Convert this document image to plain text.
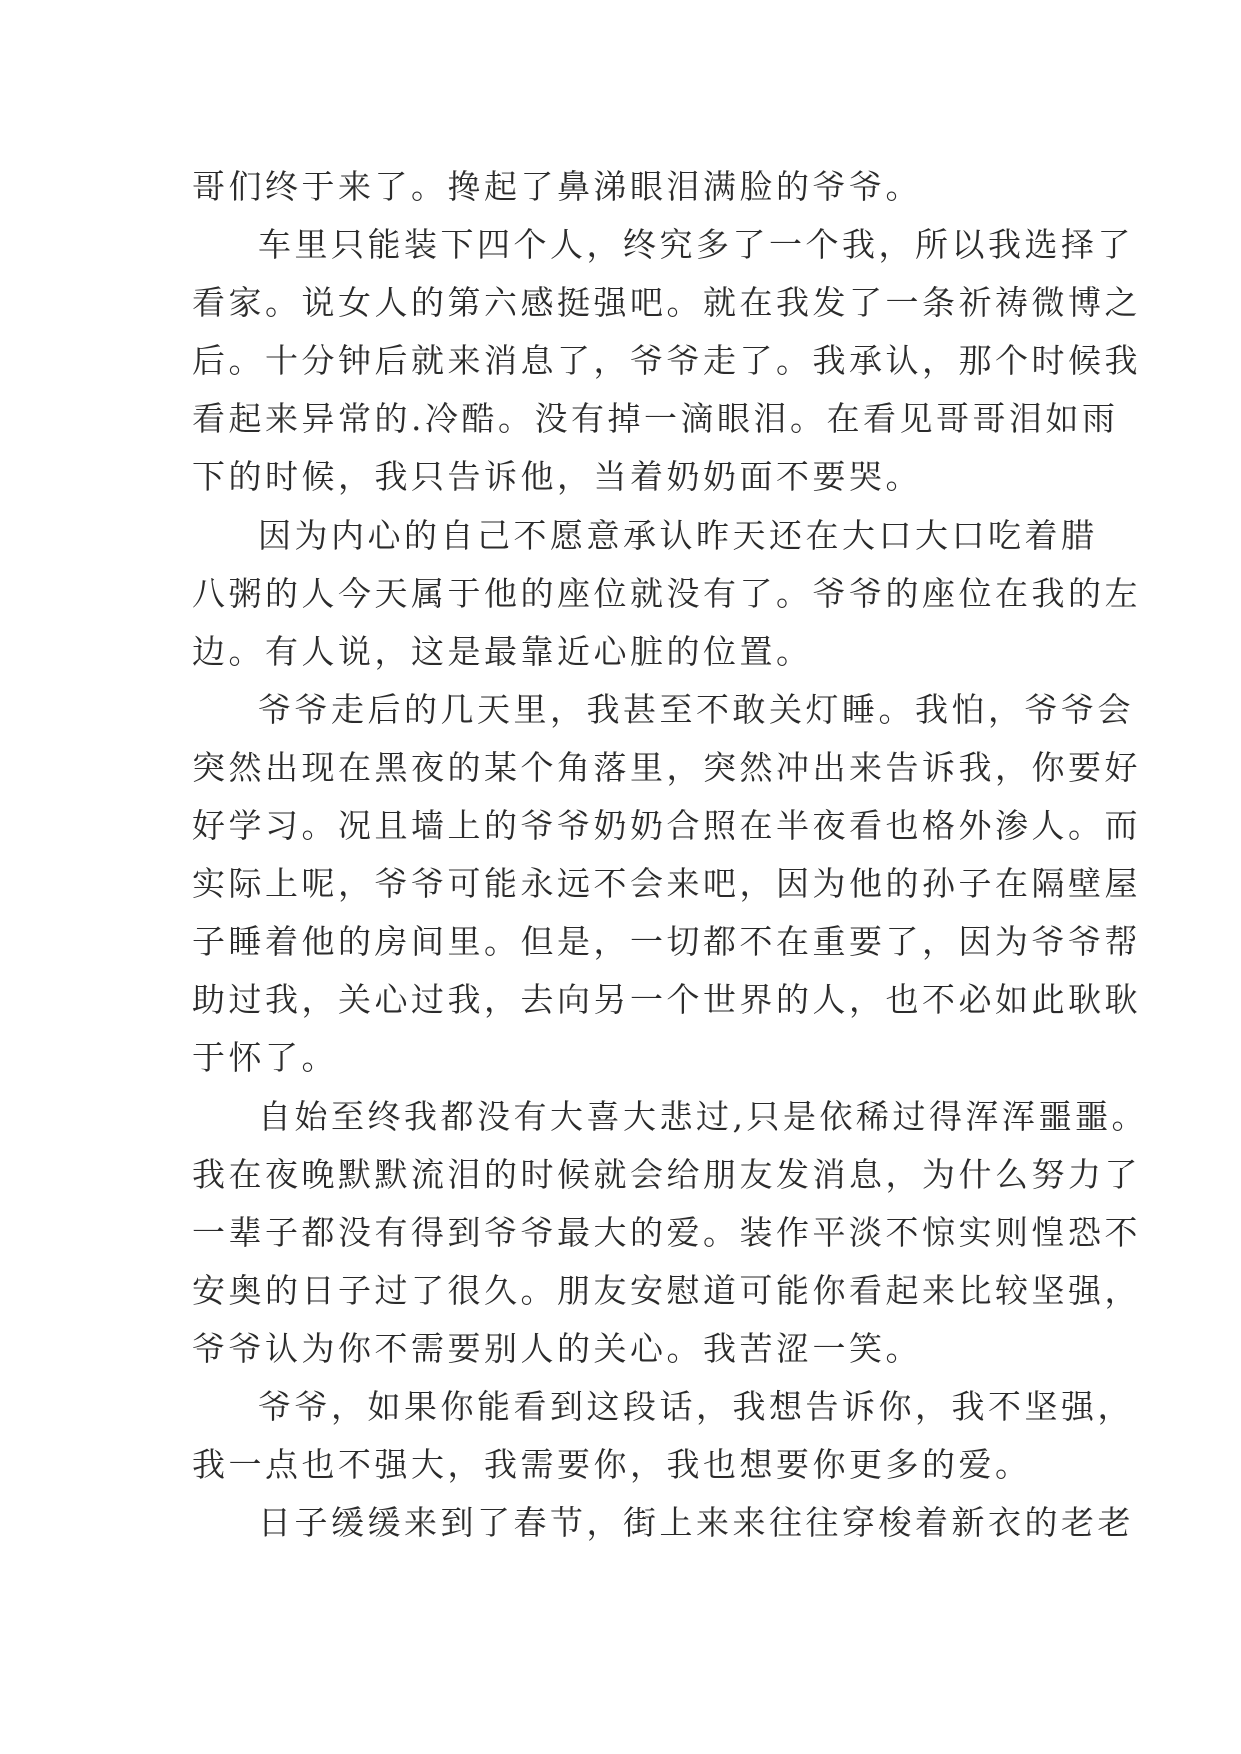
哥们终于来了。搀起了鼻涕眼泪满脸的爷爷。
车里只能装下四个人，终究多了一个我，所以我选择了
看家。说女人的第六感挺强吧。就在我发了一条祈祷微博之
后。十分钟后就来消息了，爷爷走了。我承认，那个时候我
看起来异常的.冷酷。没有掉一滴眼泪。在看见哥哥泪如雨
下的时候，我只告诉他，当着奶奶面不要哭。
因为内心的自己不愿意承认昨天还在大口大口吃着腊
八粥的人今天属于他的座位就没有了。爷爷的座位在我的左
边。有人说，这是最靠近心脏的位置。
爷爷走后的几天里，我甚至不敢关灯睡。我怕，爷爷会
突然出现在黑夜的某个角落里，突然冲出来告诉我，你要好
好学习。况且墙上的爷爷奶奶合照在半夜看也格外渗人。而
实际上呢，爷爷可能永远不会来吧，因为他的孙子在隔壁屋
子睡着他的房间里。但是，一切都不在重要了，因为爷爷帮
助过我，关心过我，去向另一个世界的人，也不必如此耿耿
于怀了。
自始至终我都没有大喜大悲过,只是依稀过得浑浑噩噩。
我在夜晚默默流泪的时候就会给朋友发消息，为什么努力了
一辈子都没有得到爷爷最大的爱。装作平淡不惊实则惶恐不
安奥的日子过了很久。朋友安慰道可能你看起来比较坚强，
爷爷认为你不需要别人的关心。我苦涩一笑。
爷爷，如果你能看到这段话，我想告诉你，我不坚强，
我一点也不强大，我需要你，我也想要你更多的爱。
日子缓缓来到了春节，街上来来往往穿梭着新衣的老老
